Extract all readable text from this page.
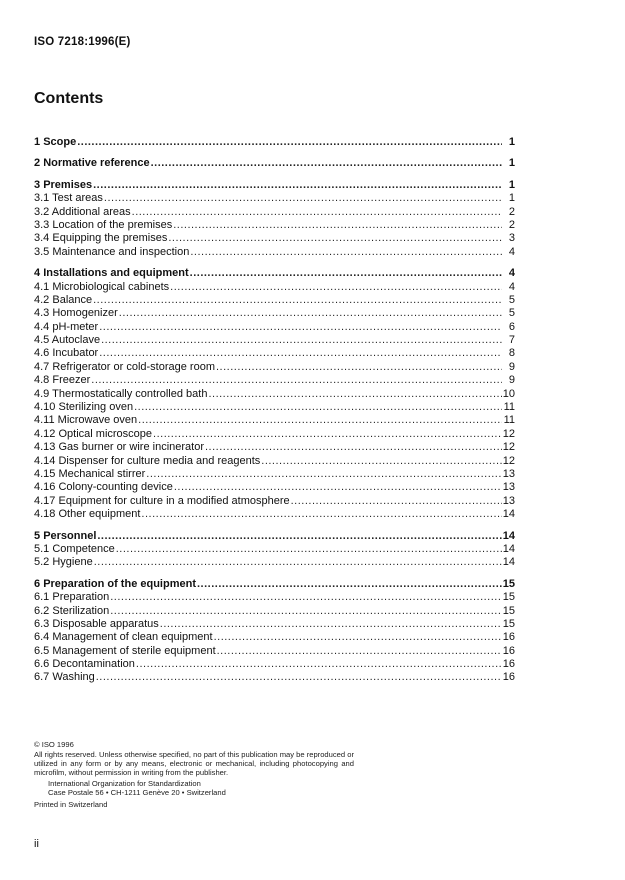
ISO 7218:1996(E)
Contents
1 Scope .....	1
2 Normative reference .....	1
3 Premises .....	1
3.1 Test areas .....	1
3.2 Additional areas .....	2
3.3 Location of the premises .....	2
3.4 Equipping the premises .....	3
3.5 Maintenance and inspection .....	4
4 Installations and equipment .....	4
4.1 Microbiological cabinets .....	4
4.2 Balance .....	5
4.3 Homogenizer .....	5
4.4 pH-meter .....	6
4.5 Autoclave .....	7
4.6 Incubator .....	8
4.7 Refrigerator or cold-storage room .....	9
4.8 Freezer .....	9
4.9 Thermostatically controlled bath .....	10
4.10 Sterilizing oven .....	11
4.11 Microwave oven .....	11
4.12 Optical microscope .....	12
4.13 Gas burner or wire incinerator .....	12
4.14 Dispenser for culture media and reagents .....	12
4.15 Mechanical stirrer .....	13
4.16 Colony-counting device .....	13
4.17 Equipment for culture in a modified atmosphere .....	13
4.18 Other equipment .....	14
5 Personnel .....	14
5.1 Competence .....	14
5.2 Hygiene .....	14
6 Preparation of the equipment .....	15
6.1 Preparation .....	15
6.2 Sterilization .....	15
6.3 Disposable apparatus .....	15
6.4 Management of clean equipment .....	16
6.5 Management of sterile equipment .....	16
6.6 Decontamination .....	16
6.7 Washing .....	16
© ISO 1996
All rights reserved. Unless otherwise specified, no part of this publication may be reproduced or utilized in any form or by any means, electronic or mechanical, including photocopying and microfilm, without permission in writing from the publisher.
International Organization for Standardization
Case Postale 56 • CH-1211 Genève 20 • Switzerland
Printed in Switzerland
ii
